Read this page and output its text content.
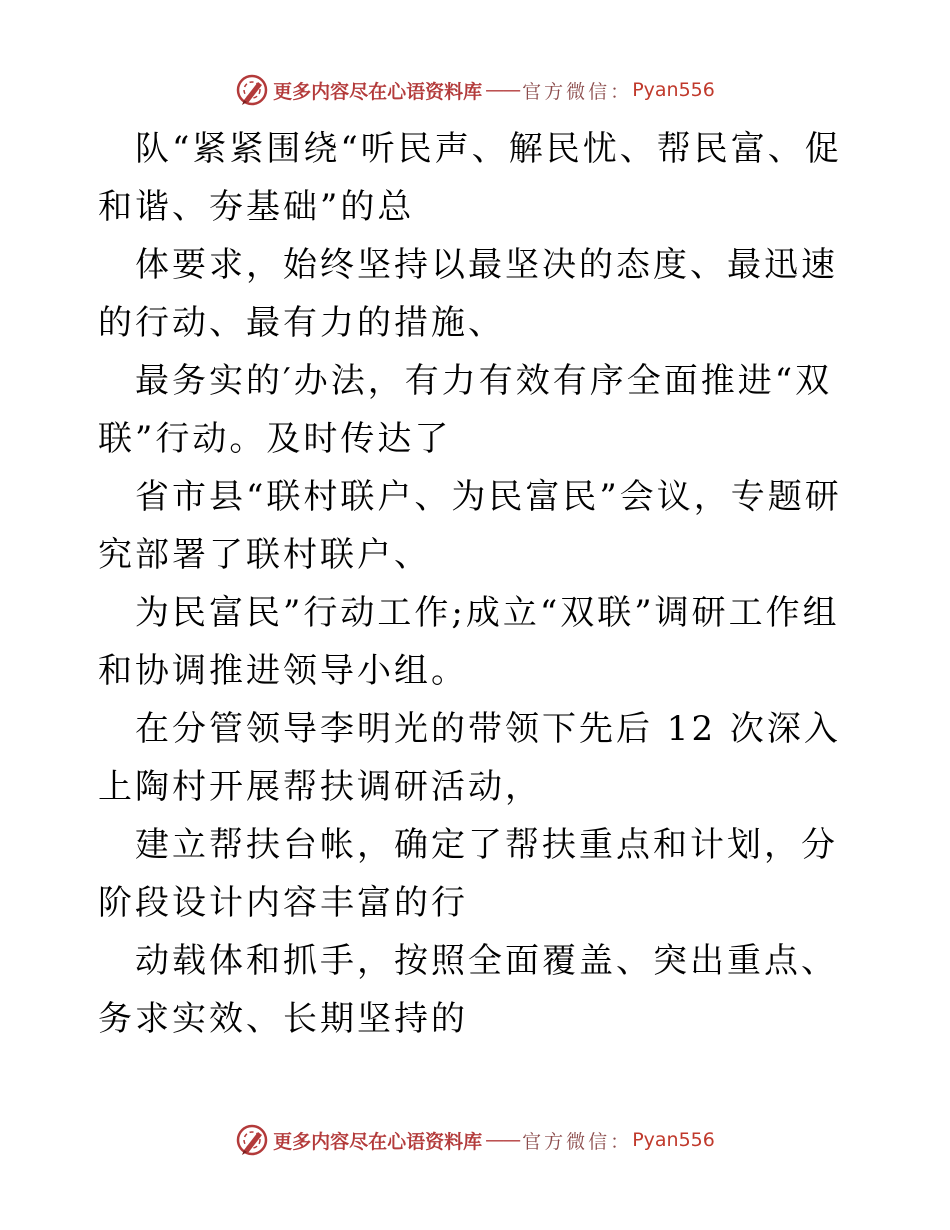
更多内容尽在心语资料库 —— 官方微信： Pyan556

队“紧紧围绕“听民声、解民忧、帮民富、促和谐、夯基础”的总

体要求，始终坚持以最坚决的态度、最迅速的行动、最有力的措施、

最务实的′办法，有力有效有序全面推进“双联”行动。及时传达了

省市县“联村联户、为民富民”会议，专题研究部署了联村联户、

为民富民”行动工作;成立“双联”调研工作组和协调推进领导小组。

在分管领导李明光的带领下先后 12 次深入上陶村开展帮扶调研活动，

建立帮扶台帐，确定了帮扶重点和计划，分阶段设计内容丰富的行

动载体和抓手，按照全面覆盖、突出重点、务求实效、长期坚持的

更多内容尽在心语资料库 —— 官方微信： Pyan556
